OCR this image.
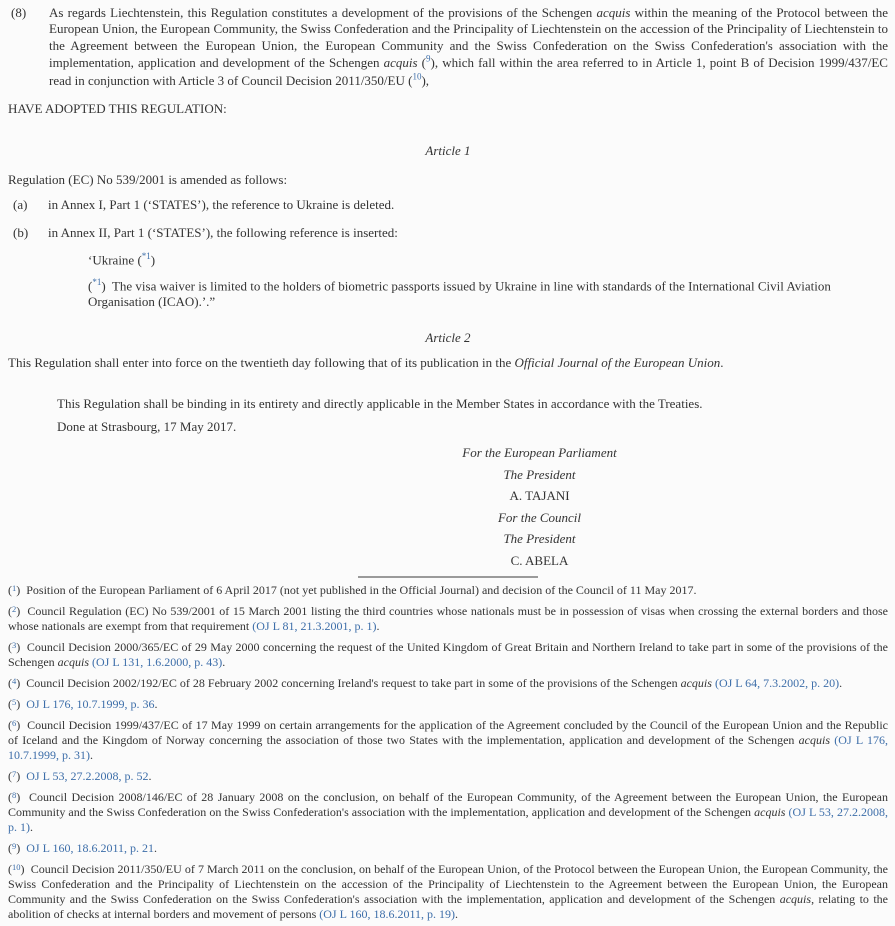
(8) As regards Liechtenstein, this Regulation constitutes a development of the provisions of the Schengen acquis within the meaning of the Protocol between the European Union, the European Community, the Swiss Confederation and the Principality of Liechtenstein on the accession of the Principality of Liechtenstein to the Agreement between the European Union, the European Community and the Swiss Confederation on the Swiss Confederation's association with the implementation, application and development of the Schengen acquis ($^9$), which fall within the area referred to in Article 1, point B of Decision 1999/437/EC read in conjunction with Article 3 of Council Decision 2011/350/EU ($^{10}$),
HAVE ADOPTED THIS REGULATION:
Article 1
Regulation (EC) No 539/2001 is amended as follows:
(a) in Annex I, Part 1 (‘STATES’), the reference to Ukraine is deleted.
(b) in Annex II, Part 1 (‘STATES’), the following reference is inserted:
‘Ukraine ($^{*1}$)
($^{*1}$)  The visa waiver is limited to the holders of biometric passports issued by Ukraine in line with standards of the International Civil Aviation Organisation (ICAO).’.”
Article 2
This Regulation shall enter into force on the twentieth day following that of its publication in the Official Journal of the European Union.
This Regulation shall be binding in its entirety and directly applicable in the Member States in accordance with the Treaties.
Done at Strasbourg, 17 May 2017.
For the European Parliament
The President
A. TAJANI
For the Council
The President
C. ABELA
($^1$)  Position of the European Parliament of 6 April 2017 (not yet published in the Official Journal) and decision of the Council of 11 May 2017.
($^2$)  Council Regulation (EC) No 539/2001 of 15 March 2001 listing the third countries whose nationals must be in possession of visas when crossing the external borders and those whose nationals are exempt from that requirement (OJ L 81, 21.3.2001, p. 1).
($^3$)  Council Decision 2000/365/EC of 29 May 2000 concerning the request of the United Kingdom of Great Britain and Northern Ireland to take part in some of the provisions of the Schengen acquis (OJ L 131, 1.6.2000, p. 43).
($^4$)  Council Decision 2002/192/EC of 28 February 2002 concerning Ireland's request to take part in some of the provisions of the Schengen acquis (OJ L 64, 7.3.2002, p. 20).
($^5$)  OJ L 176, 10.7.1999, p. 36.
($^6$)  Council Decision 1999/437/EC of 17 May 1999 on certain arrangements for the application of the Agreement concluded by the Council of the European Union and the Republic of Iceland and the Kingdom of Norway concerning the association of those two States with the implementation, application and development of the Schengen acquis (OJ L 176, 10.7.1999, p. 31).
($^7$)  OJ L 53, 27.2.2008, p. 52.
($^8$)  Council Decision 2008/146/EC of 28 January 2008 on the conclusion, on behalf of the European Community, of the Agreement between the European Union, the European Community and the Swiss Confederation on the Swiss Confederation's association with the implementation, application and development of the Schengen acquis (OJ L 53, 27.2.2008, p. 1).
($^9$)  OJ L 160, 18.6.2011, p. 21.
($^{10}$)  Council Decision 2011/350/EU of 7 March 2011 on the conclusion, on behalf of the European Union, of the Protocol between the European Union, the European Community, the Swiss Confederation and the Principality of Liechtenstein on the accession of the Principality of Liechtenstein to the Agreement between the European Union, the European Community and the Swiss Confederation on the Swiss Confederation's association with the implementation, application and development of the Schengen acquis, relating to the abolition of checks at internal borders and movement of persons (OJ L 160, 18.6.2011, p. 19).
